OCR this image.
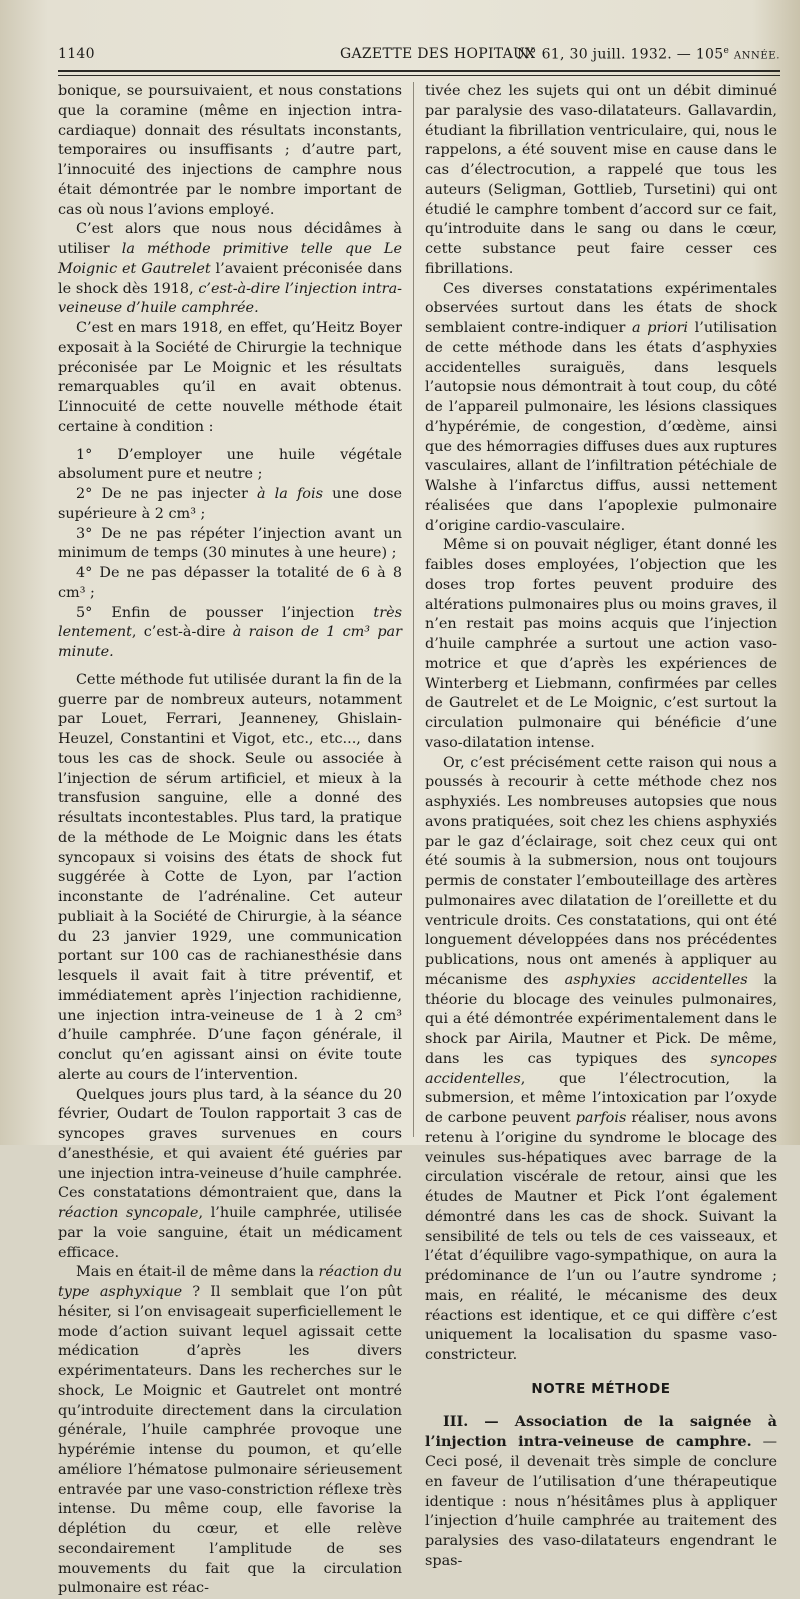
1140	GAZETTE DES HOPITAUX
N° 61, 30 juill. 1932. — 105e ANNÉE.

bonique, se poursuivaient, et nous constations que la coramine (même en injection intra-cardiaque) donnait des résultats inconstants, temporaires ou insuffisants ; d’autre part, l’innocuité des injections de camphre nous était démontrée par le nombre important de cas où nous l’avions employé.

C’est alors que nous nous décidâmes à utiliser la méthode primitive telle que Le Moignic et Gautrelet l’avaient préconisée dans le shock dès 1918, c’est-à-dire l’injection intra-veineuse d’huile camphrée.

C’est en mars 1918, en effet, qu’Heitz Boyer exposait à la Société de Chirurgie la technique préconisée par Le Moignic et les résultats remarquables qu’il en avait obtenus. L’innocuité de cette nouvelle méthode était certaine à condition :

1° D’employer une huile végétale absolument pure et neutre ;

2° De ne pas injecter à la fois une dose supérieure à 2 cm³ ;

3° De ne pas répéter l’injection avant un minimum de temps (30 minutes à une heure) ;

4° De ne pas dépasser la totalité de 6 à 8 cm³ ;

5° Enfin de pousser l’injection très lentement, c’est-à-dire à raison de 1 cm³ par minute.

Cette méthode fut utilisée durant la fin de la guerre par de nombreux auteurs, notamment par Louet, Ferrari, Jeanneney, Ghislain-Heuzel, Constantini et Vigot, etc., etc..., dans tous les cas de shock. Seule ou associée à l’injection de sérum artificiel, et mieux à la transfusion sanguine, elle a donné des résultats incontestables. Plus tard, la pratique de la méthode de Le Moignic dans les états syncopaux si voisins des états de shock fut suggérée à Cotte de Lyon, par l’action inconstante de l’adrénaline. Cet auteur publiait à la Société de Chirurgie, à la séance du 23 janvier 1929, une communication portant sur 100 cas de rachianesthésie dans lesquels il avait fait à titre préventif, et immédiatement après l’injection rachidienne, une injection intra-veineuse de 1 à 2 cm³ d’huile camphrée. D’une façon générale, il conclut qu’en agissant ainsi on évite toute alerte au cours de l’intervention.

Quelques jours plus tard, à la séance du 20 février, Oudart de Toulon rapportait 3 cas de syncopes graves survenues en cours d’anesthésie, et qui avaient été guéries par une injection intra-veineuse d’huile camphrée. Ces constatations démontraient que, dans la réaction syncopale, l’huile camphrée, utilisée par la voie sanguine, était un médicament efficace.

Mais en était-il de même dans la réaction du type asphyxique ? Il semblait que l’on pût hésiter, si l’on envisageait superficiellement le mode d’action suivant lequel agissait cette médication d’après les divers expérimentateurs. Dans les recherches sur le shock, Le Moignic et Gautrelet ont montré qu’introduite directement dans la circulation générale, l’huile camphrée provoque une hypérémie intense du poumon, et qu’elle améliore l’hématose pulmonaire sérieusement entravée par une vaso-constriction réflexe très intense. Du même coup, elle favorise la déplétion du cœur, et elle relève secondairement l’amplitude de ses mouvements du fait que la circulation pulmonaire est réac-

tivée chez les sujets qui ont un débit diminué par paralysie des vaso-dilatateurs. Gallavardin, étudiant la fibrillation ventriculaire, qui, nous le rappelons, a été souvent mise en cause dans le cas d’électrocution, a rappelé que tous les auteurs (Seligman, Gottlieb, Tursetini) qui ont étudié le camphre tombent d’accord sur ce fait, qu’introduite dans le sang ou dans le cœur, cette substance peut faire cesser ces fibrillations.

Ces diverses constatations expérimentales observées surtout dans les états de shock semblaient contre-indiquer a priori l’utilisation de cette méthode dans les états d’asphyxies accidentelles suraiguës, dans lesquels l’autopsie nous démontrait à tout coup, du côté de l’appareil pulmonaire, les lésions classiques d’hypérémie, de congestion, d’œdème, ainsi que des hémorragies diffuses dues aux ruptures vasculaires, allant de l’infiltration pétéchiale de Walshe à l’infarctus diffus, aussi nettement réalisées que dans l’apoplexie pulmonaire d’origine cardio-vasculaire.

Même si on pouvait négliger, étant donné les faibles doses employées, l’objection que les doses trop fortes peuvent produire des altérations pulmonaires plus ou moins graves, il n’en restait pas moins acquis que l’injection d’huile camphrée a surtout une action vaso-motrice et que d’après les expériences de Winterberg et Liebmann, confirmées par celles de Gautrelet et de Le Moignic, c’est surtout la circulation pulmonaire qui bénéficie d’une vaso-dilatation intense.

Or, c’est précisément cette raison qui nous a poussés à recourir à cette méthode chez nos asphyxiés. Les nombreuses autopsies que nous avons pratiquées, soit chez les chiens asphyxiés par le gaz d’éclairage, soit chez ceux qui ont été soumis à la submersion, nous ont toujours permis de constater l’embouteillage des artères pulmonaires avec dilatation de l’oreillette et du ventricule droits. Ces constatations, qui ont été longuement développées dans nos précédentes publications, nous ont amenés à appliquer au mécanisme des asphyxies accidentelles la théorie du blocage des veinules pulmonaires, qui a été démontrée expérimentalement dans le shock par Airila, Mautner et Pick. De même, dans les cas typiques des syncopes accidentelles, que l’électrocution, la submersion, et même l’intoxication par l’oxyde de carbone peuvent parfois réaliser, nous avons retenu à l’origine du syndrome le blocage des veinules sus-hépatiques avec barrage de la circulation viscérale de retour, ainsi que les études de Mautner et Pick l’ont également démontré dans les cas de shock. Suivant la sensibilité de tels ou tels de ces vaisseaux, et l’état d’équilibre vago-sympathique, on aura la prédominance de l’un ou l’autre syndrome ; mais, en réalité, le mécanisme des deux réactions est identique, et ce qui diffère c’est uniquement la localisation du spasme vaso-constricteur.

NOTRE MÉTHODE

III. — Association de la saignée à l’injection intra-veineuse de camphre. — Ceci posé, il devenait très simple de conclure en faveur de l’utilisation d’une thérapeutique identique : nous n’hésitâmes plus à appliquer l’injection d’huile camphrée au traitement des paralysies des vaso-dilatateurs engendrant le spas-
